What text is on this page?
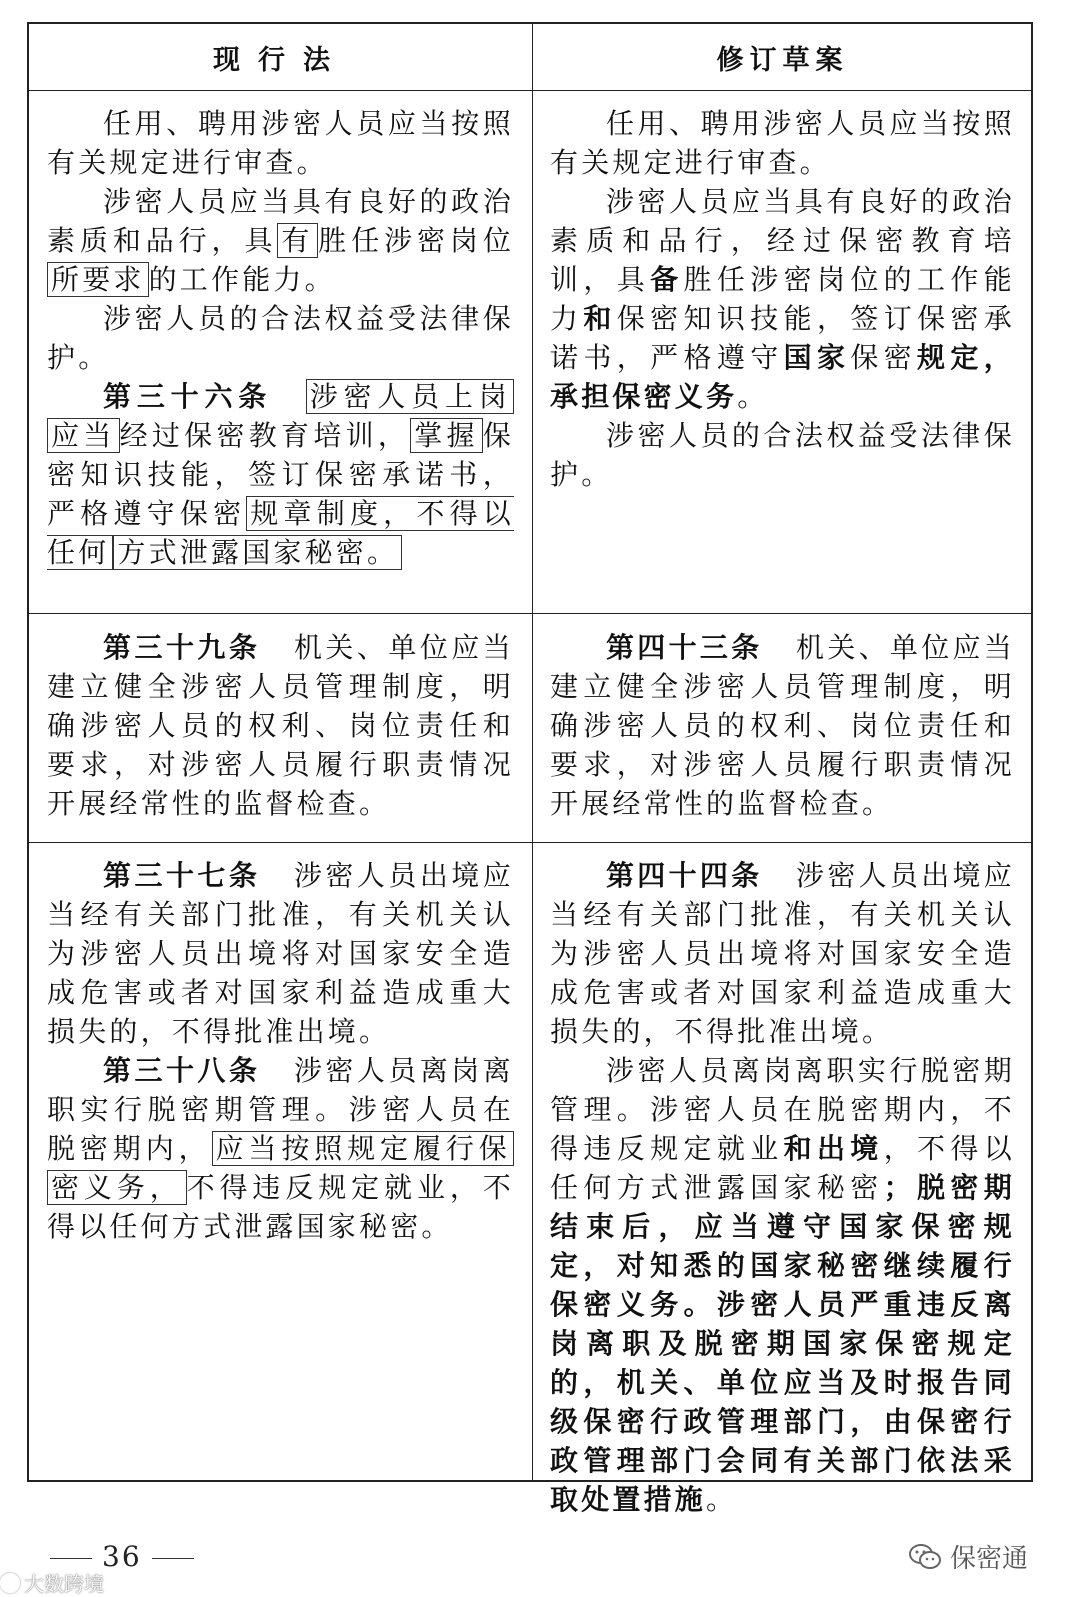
现行法	修订草案

任用、聘用涉密人员应当按照有关规定进行审查。

涉密人员应当具有良好的政治素质和品行，具 有 胜任涉密岗位所要求 的工作能力。

涉密人员的合法权益受法律保护。

第三十六条 涉密人员上岗应当 经过保密教育培训， 掌握 保密知识技能，签订保密承诺书，严格遵守保密 规章制度，不得以任何 方式泄露国家秘密。

任用、聘用涉密人员应当按照有关规定进行审查。

涉密人员应当具有良好的政治素质和品行，经过保密教育培训，具备胜任涉密岗位的工作能力和保密知识技能，签订保密承诺书，严格遵守国家保密规定，承担保密义务。

涉密人员的合法权益受法律保护。

第三十九条 机关、单位应当建立健全涉密人员管理制度，明确涉密人员的权利、岗位责任和要求，对涉密人员履行职责情况开展经常性的监督检查。

第四十三条 机关、单位应当建立健全涉密人员管理制度，明确涉密人员的权利、岗位责任和要求，对涉密人员履行职责情况开展经常性的监督检查。

第三十七条 涉密人员出境应当经有关部门批准，有关机关认为涉密人员出境将对国家安全造成危害或者对国家利益造成重大损失的，不得批准出境。

第三十八条 涉密人员离岗离职实行脱密期管理。涉密人员在脱密期内， 应当按照规定履行保密义务， 不得违反规定就业，不得以任何方式泄露国家秘密。

第四十四条 涉密人员出境应当经有关部门批准，有关机关认为涉密人员出境将对国家安全造成危害或者对国家利益造成重大损失的，不得批准出境。

涉密人员离岗离职实行脱密期管理。涉密人员在脱密期内，不得违反规定就业和出境，不得以任何方式泄露国家秘密；脱密期结束后，应当遵守国家保密规定，对知悉的国家秘密继续履行保密义务。涉密人员严重违反离岗离职及脱密期国家保密规定的，机关、单位应当及时报告同级保密行政管理部门，由保密行政管理部门会同有关部门依法采取处置措施。

36	保密通
大数跨境
